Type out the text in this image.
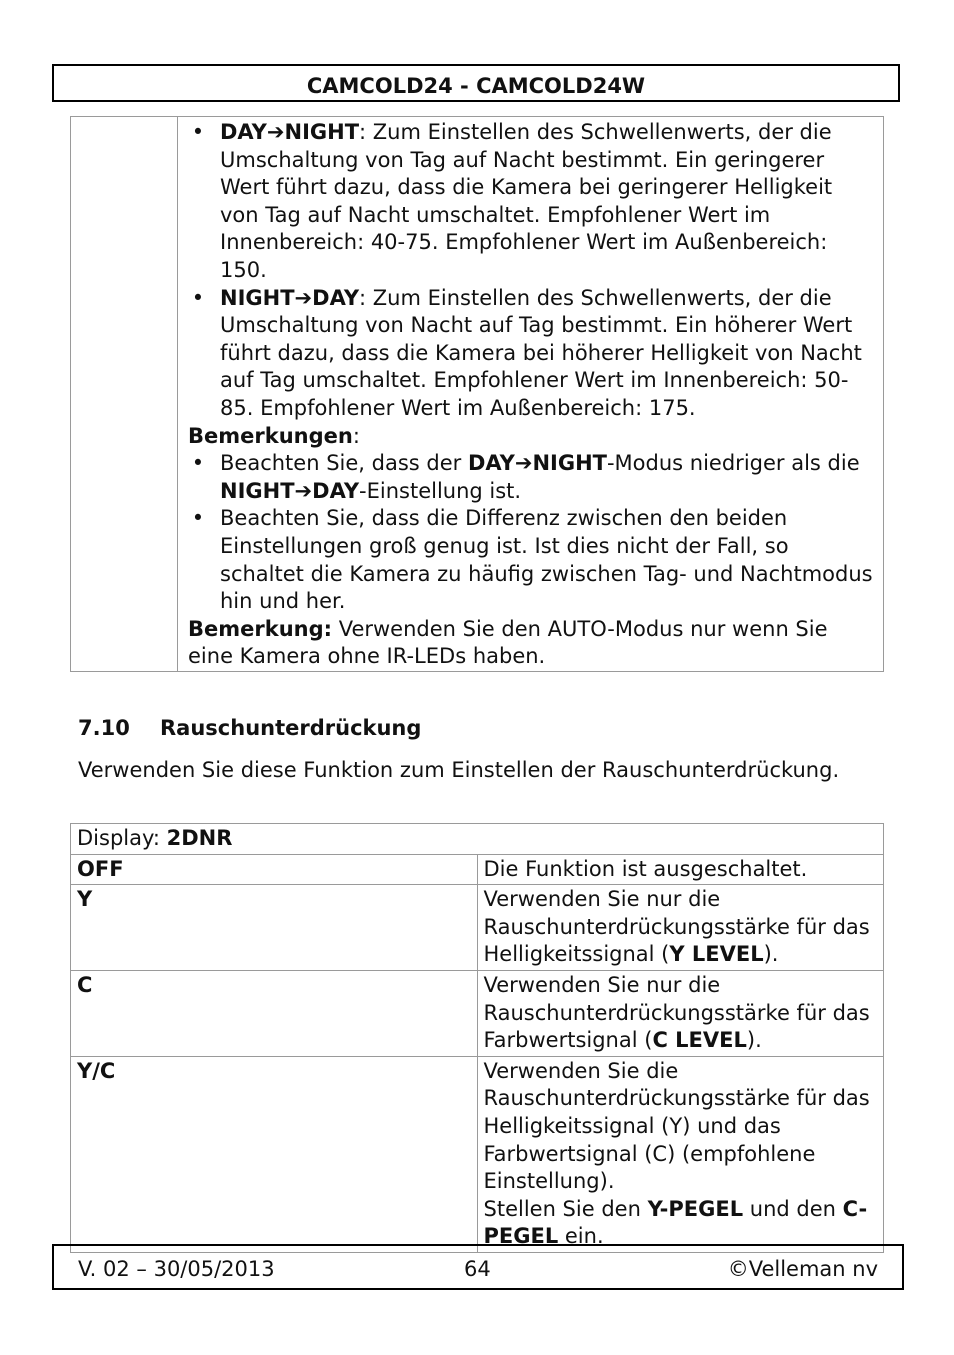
CAMCOLD24 - CAMCOLD24W

• DAY➔NIGHT: Zum Einstellen des Schwellenwerts, der die Umschaltung von Tag auf Nacht bestimmt. Ein geringerer Wert führt dazu, dass die Kamera bei geringerer Helligkeit von Tag auf Nacht umschaltet. Empfohlener Wert im Innenbereich: 40-75. Empfohlener Wert im Außenbereich: 150.
• NIGHT➔DAY: Zum Einstellen des Schwellenwerts, der die Umschaltung von Nacht auf Tag bestimmt. Ein höherer Wert führt dazu, dass die Kamera bei höherer Helligkeit von Nacht auf Tag umschaltet. Empfohlener Wert im Innenbereich: 50-85. Empfohlener Wert im Außenbereich: 175.
Bemerkungen:
• Beachten Sie, dass der DAY➔NIGHT-Modus niedriger als die NIGHT➔DAY-Einstellung ist.
• Beachten Sie, dass die Differenz zwischen den beiden Einstellungen groß genug ist. Ist dies nicht der Fall, so schaltet die Kamera zu häufig zwischen Tag- und Nachtmodus hin und her.
Bemerkung: Verwenden Sie den AUTO-Modus nur wenn Sie eine Kamera ohne IR-LEDs haben.
7.10 Rauschunterdrückung
Verwenden Sie diese Funktion zum Einstellen der Rauschunterdrückung.
Display: 2DNR	
OFF	Die Funktion ist ausgeschaltet.
Y	Verwenden Sie nur die Rauschunterdrückungsstärke für das Helligkeitssignal (Y LEVEL).
C	Verwenden Sie nur die Rauschunterdrückungsstärke für das Farbwertsignal (C LEVEL).
Y/C	Verwenden Sie die Rauschunterdrückungsstärke für das Helligkeitssignal (Y) und das Farbwertsignal (C) (empfohlene Einstellung).
Stellen Sie den Y-PEGEL und den C-PEGEL ein.
V. 02 – 30/05/2013	64	©Velleman nv
